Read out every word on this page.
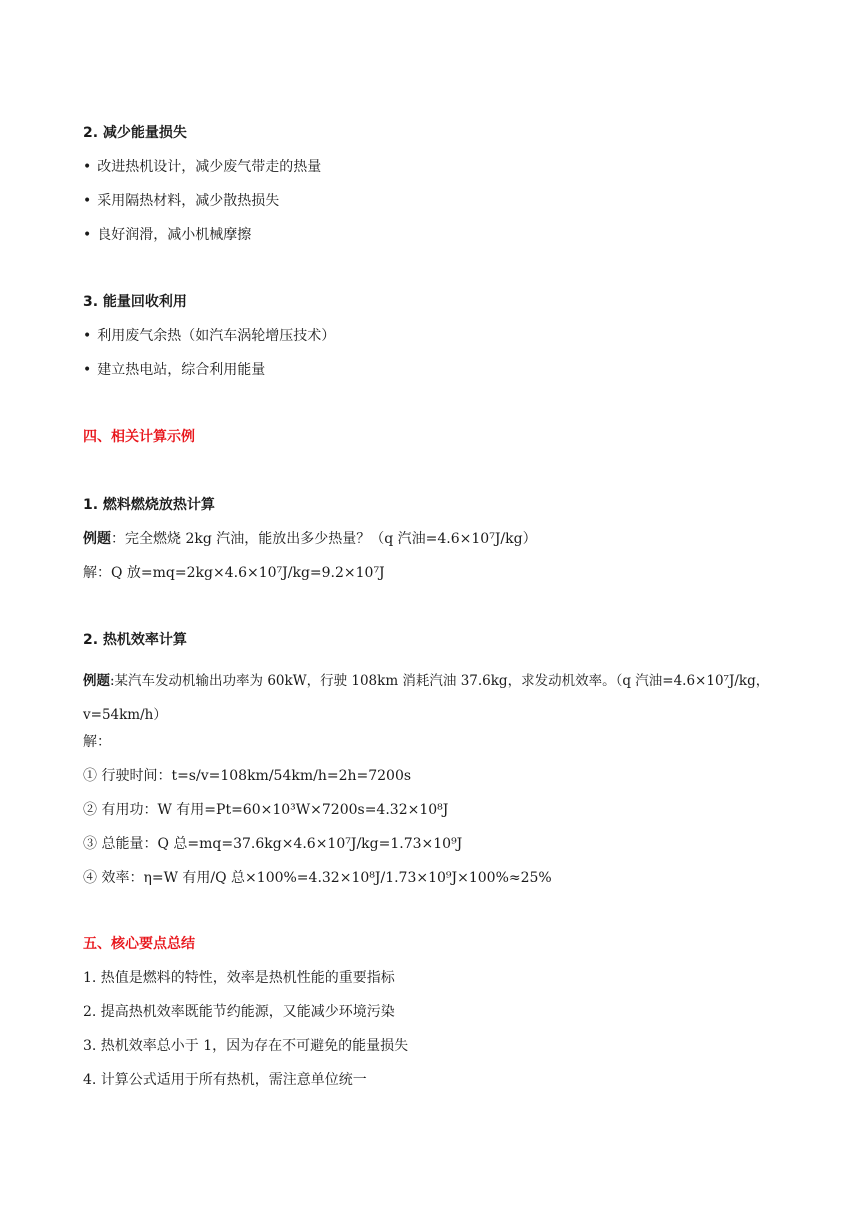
2. 减少能量损失
• 改进热机设计，减少废气带走的热量
• 采用隔热材料，减少散热损失
• 良好润滑，减小机械摩擦
3. 能量回收利用
• 利用废气余热（如汽车涡轮增压技术）
• 建立热电站，综合利用能量
四、相关计算示例
1. 燃料燃烧放热计算
例题：完全燃烧 2kg 汽油，能放出多少热量？（q 汽油=4.6×10⁷J/kg）
解：Q 放=mq=2kg×4.6×10⁷J/kg=9.2×10⁷J
2. 热机效率计算
例题:某汽车发动机输出功率为 60kW，行驶 108km 消耗汽油 37.6kg，求发动机效率。（q 汽油=4.6×10⁷J/kg，v=54km/h）
解：
① 行驶时间：t=s/v=108km/54km/h=2h=7200s
② 有用功：W 有用=Pt=60×10³W×7200s=4.32×10⁸J
③ 总能量：Q 总=mq=37.6kg×4.6×10⁷J/kg=1.73×10⁹J
④ 效率：η=W 有用/Q 总×100%=4.32×10⁸J/1.73×10⁹J×100%≈25%
五、核心要点总结
1. 热值是燃料的特性，效率是热机性能的重要指标
2. 提高热机效率既能节约能源，又能减少环境污染
3. 热机效率总小于 1，因为存在不可避免的能量损失
4. 计算公式适用于所有热机，需注意单位统一
